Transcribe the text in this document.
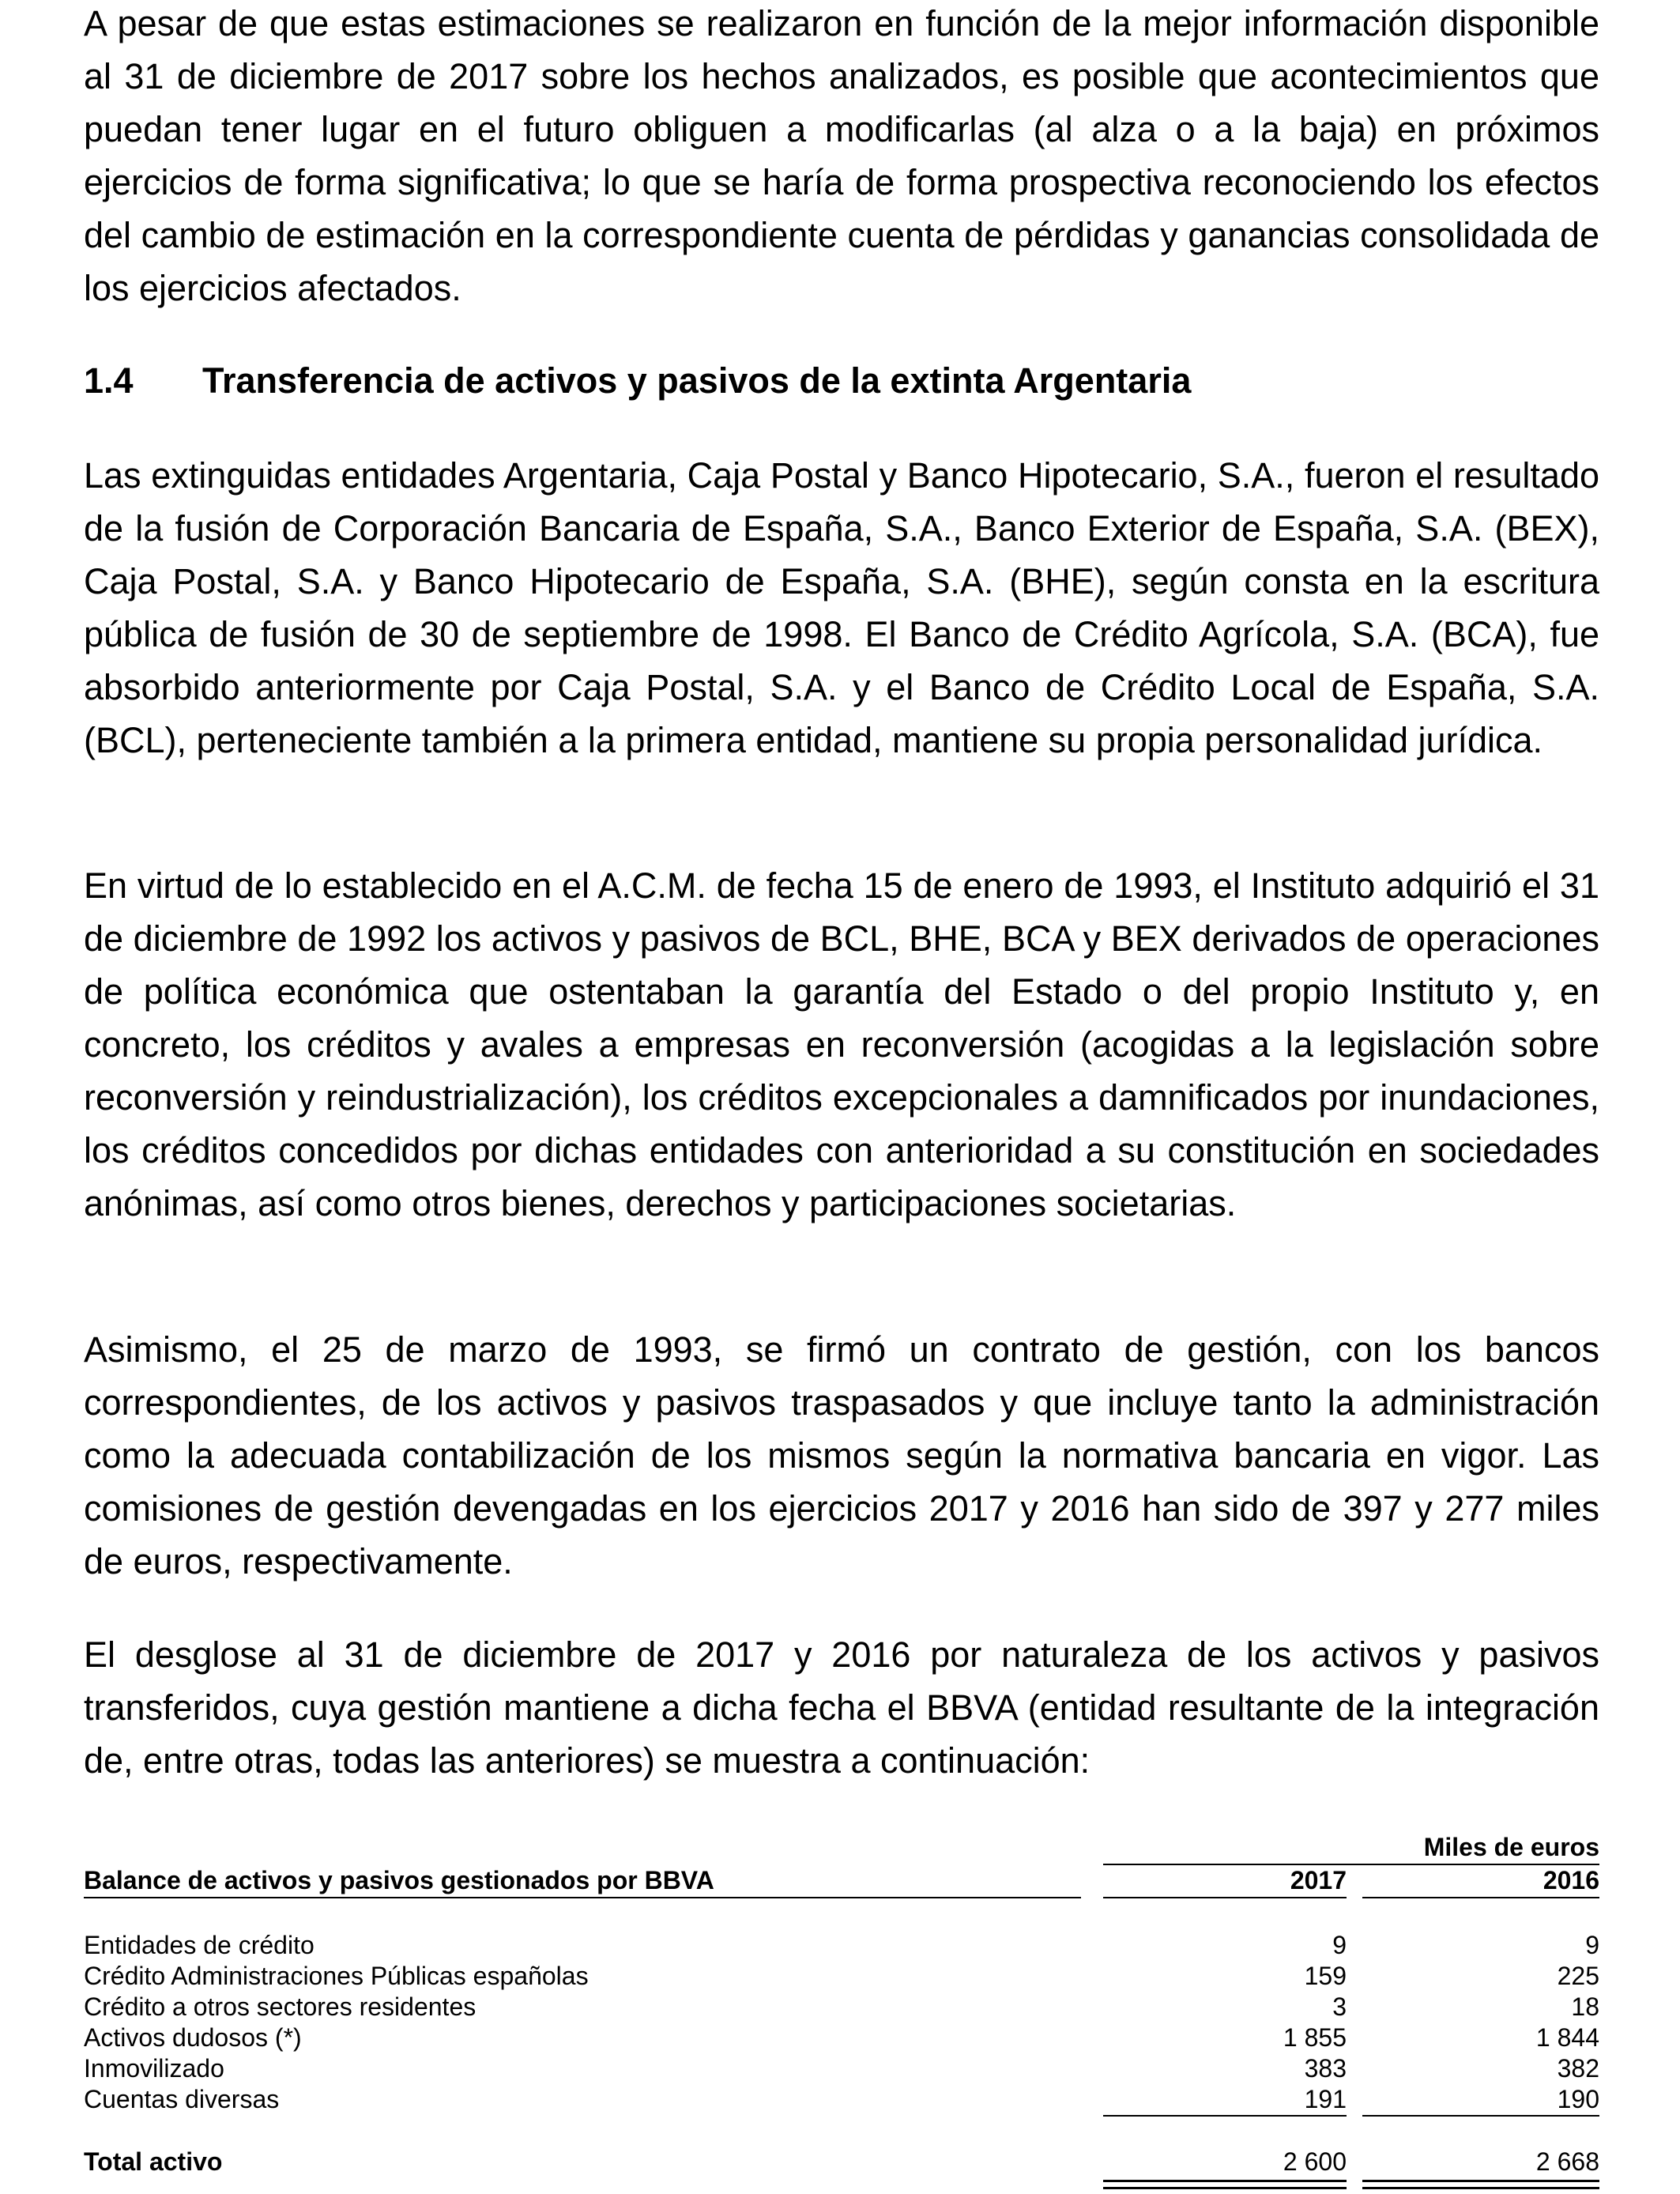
A pesar de que estas estimaciones se realizaron en función de la mejor información disponible al 31 de diciembre de 2017 sobre los hechos analizados, es posible que acontecimientos que puedan tener lugar en el futuro obliguen a modificarlas (al alza o a la baja) en próximos ejercicios de forma significativa; lo que se haría de forma prospectiva reconociendo los efectos del cambio de estimación en la correspondiente cuenta de pérdidas y ganancias consolidada de los ejercicios afectados.

1.4 Transferencia de activos y pasivos de la extinta Argentaria

Las extinguidas entidades Argentaria, Caja Postal y Banco Hipotecario, S.A., fueron el resultado de la fusión de Corporación Bancaria de España, S.A., Banco Exterior de España, S.A. (BEX), Caja Postal, S.A. y Banco Hipotecario de España, S.A. (BHE), según consta en la escritura pública de fusión de 30 de septiembre de 1998. El Banco de Crédito Agrícola, S.A. (BCA), fue absorbido anteriormente por Caja Postal, S.A. y el Banco de Crédito Local de España, S.A. (BCL), perteneciente también a la primera entidad, mantiene su propia personalidad jurídica.

En virtud de lo establecido en el A.C.M. de fecha 15 de enero de 1993, el Instituto adquirió el 31 de diciembre de 1992 los activos y pasivos de BCL, BHE, BCA y BEX derivados de operaciones de política económica que ostentaban la garantía del Estado o del propio Instituto y, en concreto, los créditos y avales a empresas en reconversión (acogidas a la legislación sobre reconversión y reindustrialización), los créditos excepcionales a damnificados por inundaciones, los créditos concedidos por dichas entidades con anterioridad a su constitución en sociedades anónimas, así como otros bienes, derechos y participaciones societarias.

Asimismo, el 25 de marzo de 1993, se firmó un contrato de gestión, con los bancos correspondientes, de los activos y pasivos traspasados y que incluye tanto la administración como la adecuada contabilización de los mismos según la normativa bancaria en vigor. Las comisiones de gestión devengadas en los ejercicios 2017 y 2016 han sido de 397 y 277 miles de euros, respectivamente.

El desglose al 31 de diciembre de 2017 y 2016 por naturaleza de los activos y pasivos transferidos, cuya gestión mantiene a dicha fecha el BBVA (entidad resultante de la integración de, entre otras, todas las anteriores) se muestra a continuación:

Miles de euros
Balance de activos y pasivos gestionados por BBVA	2017	2016
Entidades de crédito	9	9
Crédito Administraciones Públicas españolas	159	225
Crédito a otros sectores residentes	3	18
Activos dudosos (*)	1 855	1 844
Inmovilizado	383	382
Cuentas diversas	191	190
Total activo	2 600	2 668
